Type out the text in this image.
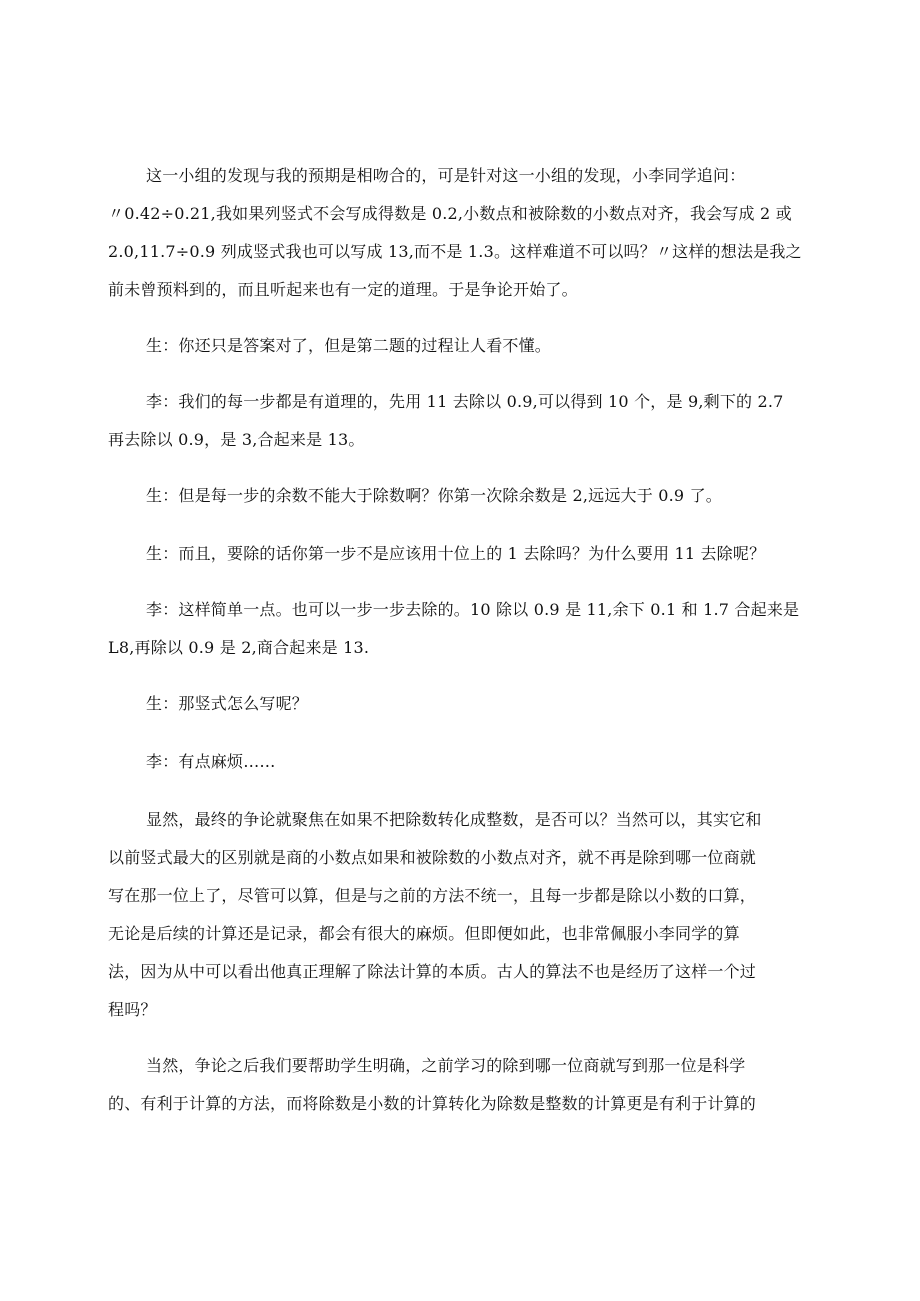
这一小组的发现与我的预期是相吻合的，可是针对这一小组的发现，小李同学追问：
〃0.42÷0.21,我如果列竖式不会写成得数是 0.2,小数点和被除数的小数点对齐，我会写成 2 或
2.0,11.7÷0.9 列成竖式我也可以写成 13,而不是 1.3。这样难道不可以吗？〃这样的想法是我之
前未曾预料到的，而且听起来也有一定的道理。于是争论开始了。
生：你还只是答案对了，但是第二题的过程让人看不懂。
李：我们的每一步都是有道理的，先用 11 去除以 0.9,可以得到 10 个，是 9,剩下的 2.7
再去除以 0.9，是 3,合起来是 13。
生：但是每一步的余数不能大于除数啊？你第一次除余数是 2,远远大于 0.9 了。
生：而且，要除的话你第一步不是应该用十位上的 1 去除吗？为什么要用 11 去除呢？
李：这样简单一点。也可以一步一步去除的。10 除以 0.9 是 11,余下 0.1 和 1.7 合起来是
L8,再除以 0.9 是 2,商合起来是 13.
生：那竖式怎么写呢？
李：有点麻烦……
显然，最终的争论就聚焦在如果不把除数转化成整数，是否可以？当然可以，其实它和
以前竖式最大的区别就是商的小数点如果和被除数的小数点对齐，就不再是除到哪一位商就
写在那一位上了，尽管可以算，但是与之前的方法不统一，且每一步都是除以小数的口算，
无论是后续的计算还是记录，都会有很大的麻烦。但即便如此，也非常佩服小李同学的算
法，因为从中可以看出他真正理解了除法计算的本质。古人的算法不也是经历了这样一个过
程吗？
当然，争论之后我们要帮助学生明确，之前学习的除到哪一位商就写到那一位是科学
的、有利于计算的方法，而将除数是小数的计算转化为除数是整数的计算更是有利于计算的
